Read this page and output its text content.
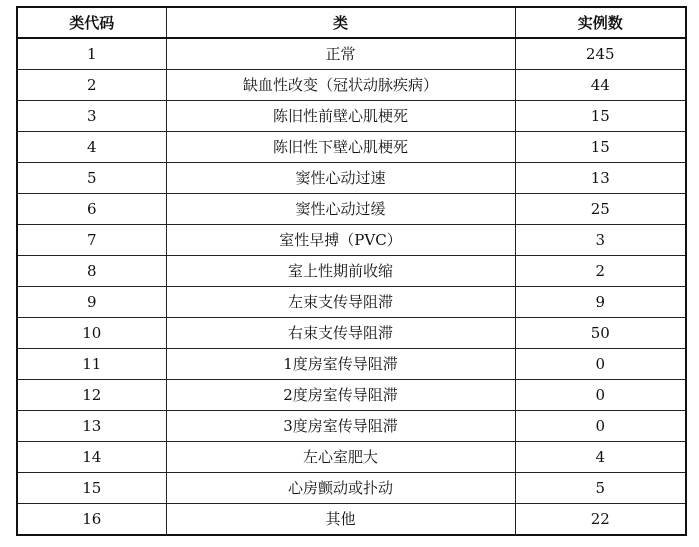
类代码	类	实例数
1	正常	245
2	缺血性改变（冠状动脉疾病）	44
3	陈旧性前壁心肌梗死	15
4	陈旧性下壁心肌梗死	15
5	窦性心动过速	13
6	窦性心动过缓	25
7	室性早搏（PVC）	3
8	室上性期前收缩	2
9	左束支传导阻滞	9
10	右束支传导阻滞	50
11	1度房室传导阻滞	0
12	2度房室传导阻滞	0
13	3度房室传导阻滞	0
14	左心室肥大	4
15	心房颤动或扑动	5
16	其他	22
